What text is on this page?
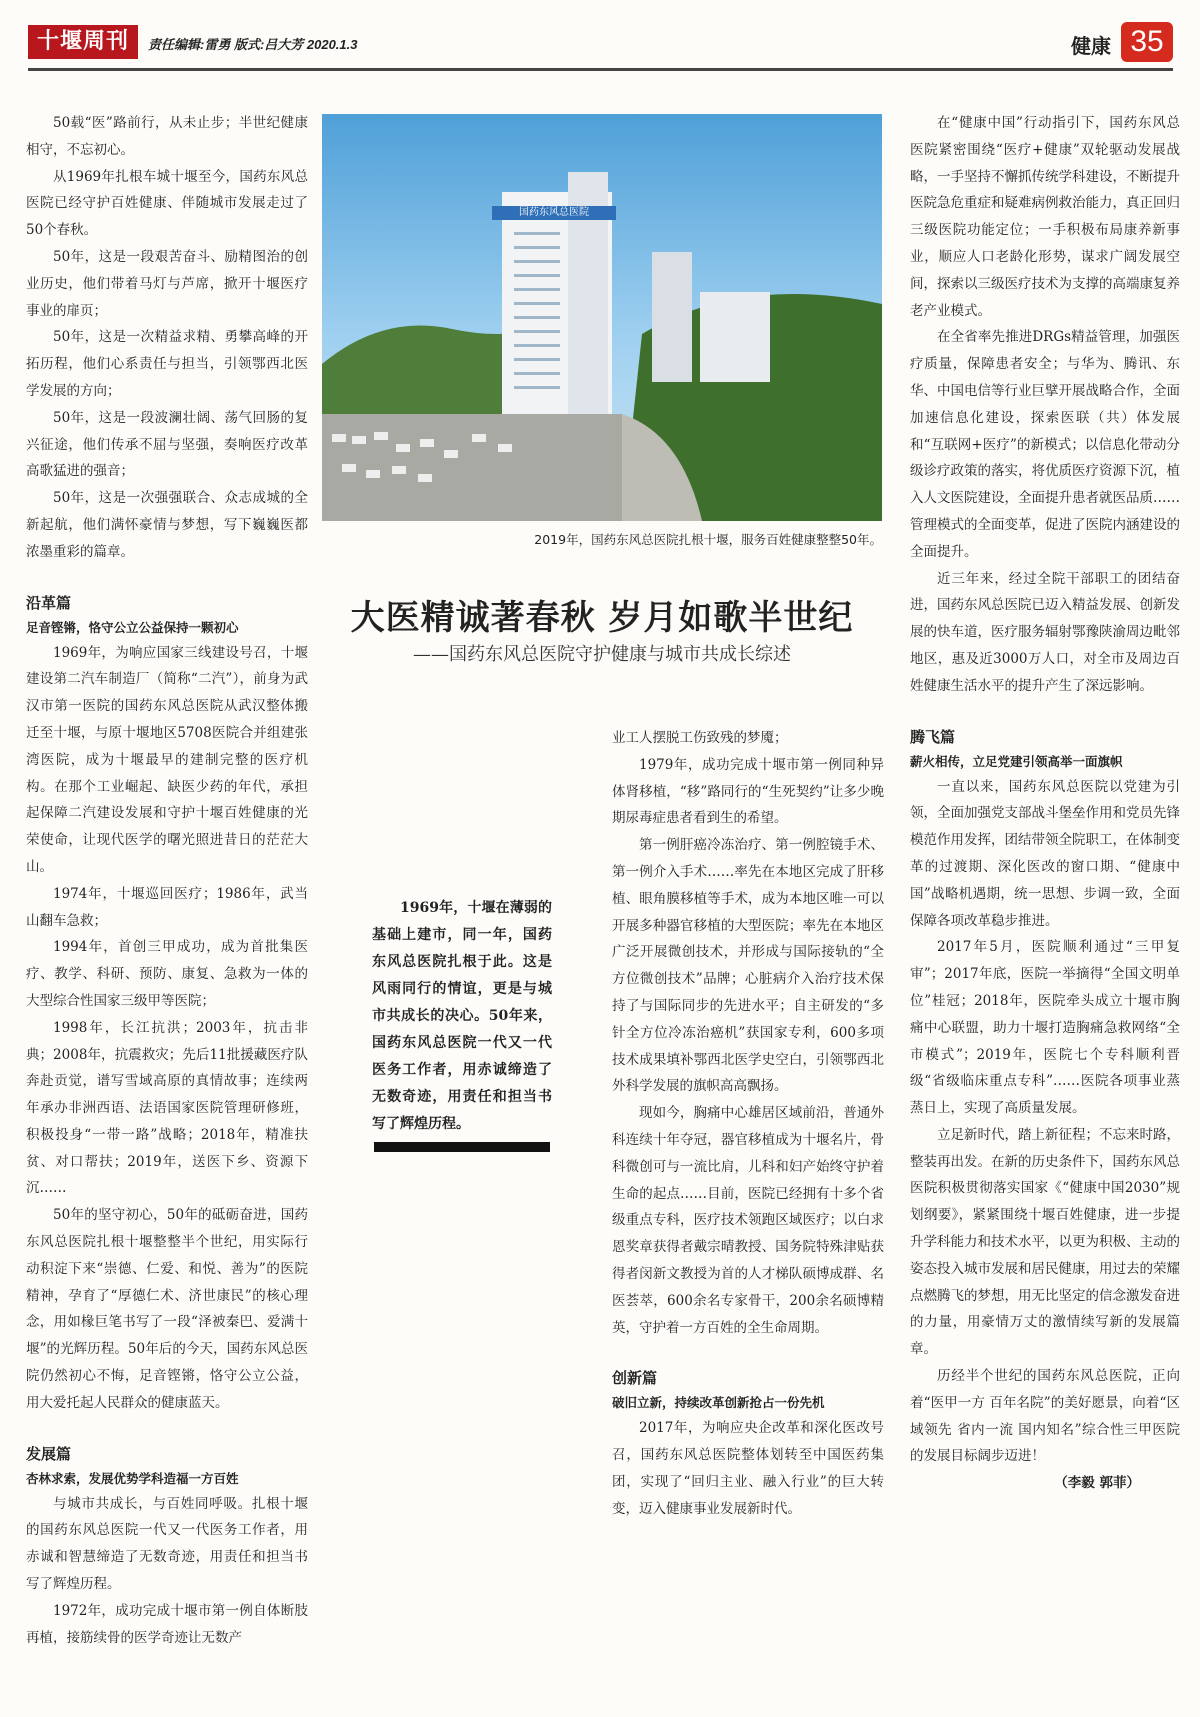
十堰周刊	责任编辑:雷勇 版式:吕大芳 2020.1.3	健康 35

50载“医”路前行，从未止步；半世纪健康相守，不忘初心。

从1969年扎根车城十堰至今，国药东风总医院已经守护百姓健康、伴随城市发展走过了50个春秋。

50年，这是一段艰苦奋斗、励精图治的创业历史，他们带着马灯与芦席，掀开十堰医疗事业的扉页；

50年，这是一次精益求精、勇攀高峰的开拓历程，他们心系责任与担当，引领鄂西北医学发展的方向；

50年，这是一段波澜壮阔、荡气回肠的复兴征途，他们传承不屈与坚强，奏响医疗改革高歌猛进的强音；

50年，这是一次强强联合、众志成城的全新起航，他们满怀豪情与梦想，写下巍巍医都浓墨重彩的篇章。

沿革篇
足音铿锵，恪守公立公益保持一颗初心

1969年，为响应国家三线建设号召，十堰建设第二汽车制造厂（简称“二汽”），前身为武汉市第一医院的国药东风总医院从武汉整体搬迁至十堰，与原十堰地区5708医院合并组建张湾医院，成为十堰最早的建制完整的医疗机构。在那个工业崛起、缺医少药的年代，承担起保障二汽建设发展和守护十堰百姓健康的光荣使命，让现代医学的曙光照进昔日的茫茫大山。

1974年，十堰巡回医疗；1986年，武当山翻车急救；

1994年，首创三甲成功，成为首批集医疗、教学、科研、预防、康复、急救为一体的大型综合性国家三级甲等医院；

1998年，长江抗洪；2003年，抗击非典；2008年，抗震救灾；先后11批援藏医疗队奔赴贡觉，谱写雪域高原的真情故事；连续两年承办非洲西语、法语国家医院管理研修班，积极投身“一带一路”战略；2018年，精准扶贫、对口帮扶；2019年，送医下乡、资源下沉……

50年的坚守初心，50年的砥砺奋进，国药东风总医院扎根十堰整整半个世纪，用实际行动积淀下来“崇德、仁爱、和悦、善为”的医院精神，孕育了“厚德仁术、济世康民”的核心理念，用如椽巨笔书写了一段“泽被秦巴、爱满十堰”的光辉历程。50年后的今天，国药东风总医院仍然初心不悔，足音铿锵，恪守公立公益，用大爱托起人民群众的健康蓝天。

发展篇
杏林求索，发展优势学科造福一方百姓

与城市共成长，与百姓同呼吸。扎根十堰的国药东风总医院一代又一代医务工作者，用赤诚和智慧缔造了无数奇迹，用责任和担当书写了辉煌历程。

1972年，成功完成十堰市第一例自体断肢再植，接筋续骨的医学奇迹让无数产

国药东风总医院
2019年，国药东风总医院扎根十堰，服务百姓健康整整50年。
大医精诚著春秋 岁月如歌半世纪
——国药东风总医院守护健康与城市共成长综述
1969年，十堰在薄弱的基础上建市，同一年，国药东风总医院扎根于此。这是风雨同行的情谊，更是与城市共成长的决心。50年来，国药东风总医院一代又一代医务工作者，用赤诚缔造了无数奇迹，用责任和担当书写了辉煌历程。

业工人摆脱工伤致残的梦魇；

1979年，成功完成十堰市第一例同种异体肾移植，“移”路同行的“生死契约”让多少晚期尿毒症患者看到生的希望。

第一例肝癌冷冻治疗、第一例腔镜手术、第一例介入手术……率先在本地区完成了肝移植、眼角膜移植等手术，成为本地区唯一可以开展多种器官移植的大型医院；率先在本地区广泛开展微创技术，并形成与国际接轨的“全方位微创技术”品牌；心脏病介入治疗技术保持了与国际同步的先进水平；自主研发的“多针全方位冷冻治癌机”获国家专利，600多项技术成果填补鄂西北医学史空白，引领鄂西北外科学发展的旗帜高高飘扬。

现如今，胸痛中心雄居区域前沿，普通外科连续十年夺冠，器官移植成为十堰名片，骨科微创可与一流比肩，儿科和妇产始终守护着生命的起点……目前，医院已经拥有十多个省级重点专科，医疗技术领跑区域医疗；以白求恩奖章获得者戴宗晴教授、国务院特殊津贴获得者闵新文教授为首的人才梯队硕博成群、名医荟萃，600余名专家骨干，200余名硕博精英，守护着一方百姓的全生命周期。

创新篇
破旧立新，持续改革创新抢占一份先机

2017年，为响应央企改革和深化医改号召，国药东风总医院整体划转至中国医药集团，实现了“回归主业、融入行业”的巨大转变，迈入健康事业发展新时代。

在“健康中国”行动指引下，国药东风总医院紧密围绕“医疗+健康”双轮驱动发展战略，一手坚持不懈抓传统学科建设，不断提升医院急危重症和疑难病例救治能力，真正回归三级医院功能定位；一手积极布局康养新事业，顺应人口老龄化形势，谋求广阔发展空间，探索以三级医疗技术为支撑的高端康复养老产业模式。

在全省率先推进DRGs精益管理，加强医疗质量，保障患者安全；与华为、腾讯、东华、中国电信等行业巨擘开展战略合作，全面加速信息化建设，探索医联（共）体发展和“互联网+医疗”的新模式；以信息化带动分级诊疗政策的落实，将优质医疗资源下沉，植入人文医院建设，全面提升患者就医品质……管理模式的全面变革，促进了医院内涵建设的全面提升。

近三年来，经过全院干部职工的团结奋进，国药东风总医院已迈入精益发展、创新发展的快车道，医疗服务辐射鄂豫陕渝周边毗邻地区，惠及近3000万人口，对全市及周边百姓健康生活水平的提升产生了深远影响。

腾飞篇
薪火相传，立足党建引领高举一面旗帜

一直以来，国药东风总医院以党建为引领，全面加强党支部战斗堡垒作用和党员先锋模范作用发挥，团结带领全院职工，在体制变革的过渡期、深化医改的窗口期、“健康中国”战略机遇期，统一思想、步调一致，全面保障各项改革稳步推进。

2017年5月，医院顺利通过“三甲复审”；2017年底，医院一举摘得“全国文明单位”桂冠；2018年，医院牵头成立十堰市胸痛中心联盟，助力十堰打造胸痛急救网络“全市模式”；2019年，医院七个专科顺利晋级“省级临床重点专科”……医院各项事业蒸蒸日上，实现了高质量发展。

立足新时代，踏上新征程；不忘来时路，整装再出发。在新的历史条件下，国药东风总医院积极贯彻落实国家《“健康中国2030”规划纲要》，紧紧围绕十堰百姓健康，进一步提升学科能力和技术水平，以更为积极、主动的姿态投入城市发展和居民健康，用过去的荣耀点燃腾飞的梦想，用无比坚定的信念激发奋进的力量，用豪情万丈的激情续写新的发展篇章。

历经半个世纪的国药东风总医院，正向着“医甲一方 百年名院”的美好愿景，向着“区域领先 省内一流 国内知名”综合性三甲医院的发展目标阔步迈进！

（李毅 郭菲）
